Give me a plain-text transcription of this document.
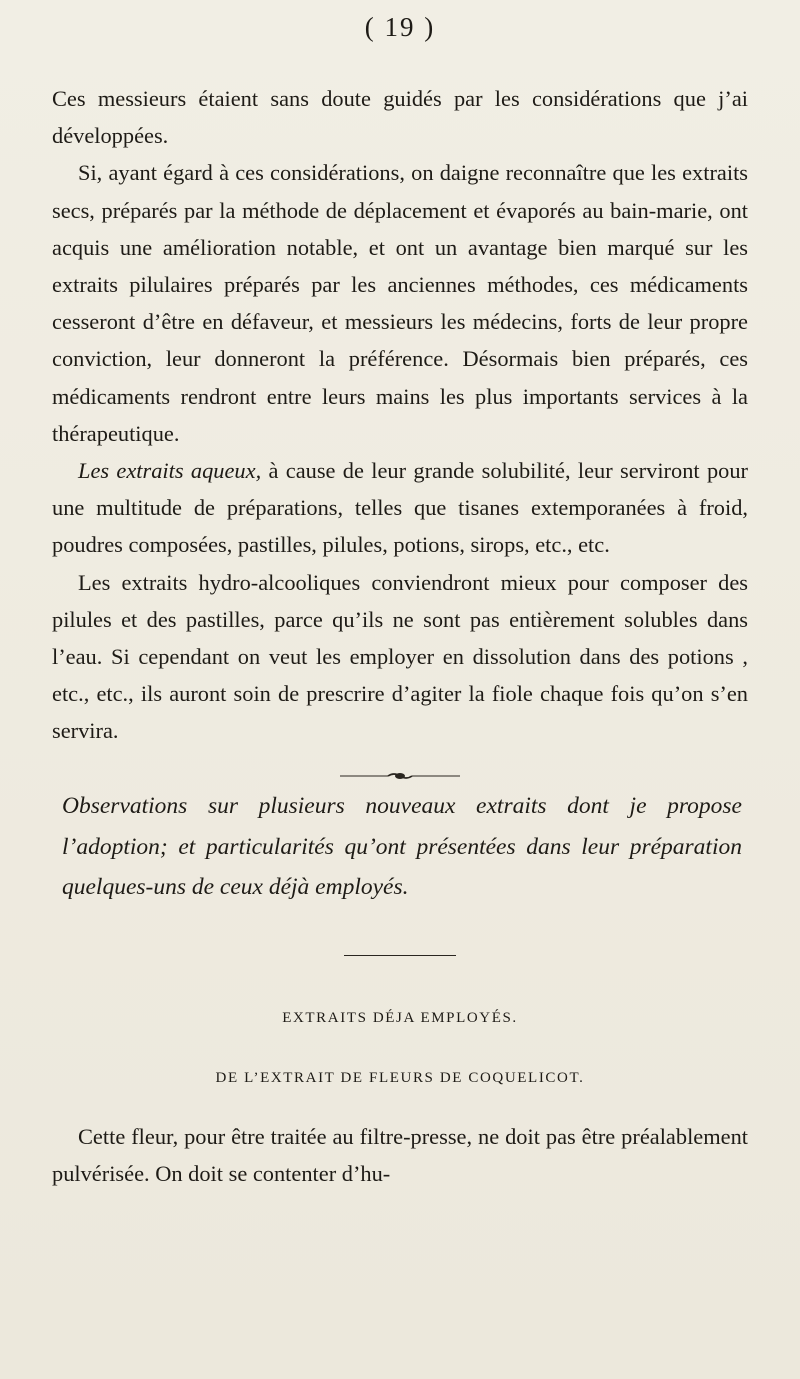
( 19 )

Ces messieurs étaient sans doute guidés par les considérations que j’ai développées.

Si, ayant égard à ces considérations, on daigne reconnaître que les extraits secs, préparés par la méthode de déplacement et évaporés au bain-marie, ont acquis une amélioration notable, et ont un avantage bien marqué sur les extraits pilulaires préparés par les anciennes méthodes, ces médicaments cesseront d’être en défaveur, et messieurs les médecins, forts de leur propre conviction, leur donneront la préférence. Désormais bien préparés, ces médicaments rendront entre leurs mains les plus importants services à la thérapeutique.

Les extraits aqueux, à cause de leur grande solubilité, leur serviront pour une multitude de préparations, telles que tisanes extemporanées à froid, poudres composées, pastilles, pilules, potions, sirops, etc., etc.

Les extraits hydro-alcooliques conviendront mieux pour composer des pilules et des pastilles, parce qu’ils ne sont pas entièrement solubles dans l’eau. Si cependant on veut les employer en dissolution dans des potions , etc., etc., ils auront soin de prescrire d’agiter la fiole chaque fois qu’on s’en servira.

Observations sur plusieurs nouveaux extraits dont je propose l’adoption; et particularités qu’ont présentées dans leur préparation quelques-uns de ceux déjà employés.
EXTRAITS DÉJA EMPLOYÉS.
DE L’EXTRAIT DE FLEURS DE COQUELICOT.

Cette fleur, pour être traitée au filtre-presse, ne doit pas être préalablement pulvérisée. On doit se contenter d’hu-
